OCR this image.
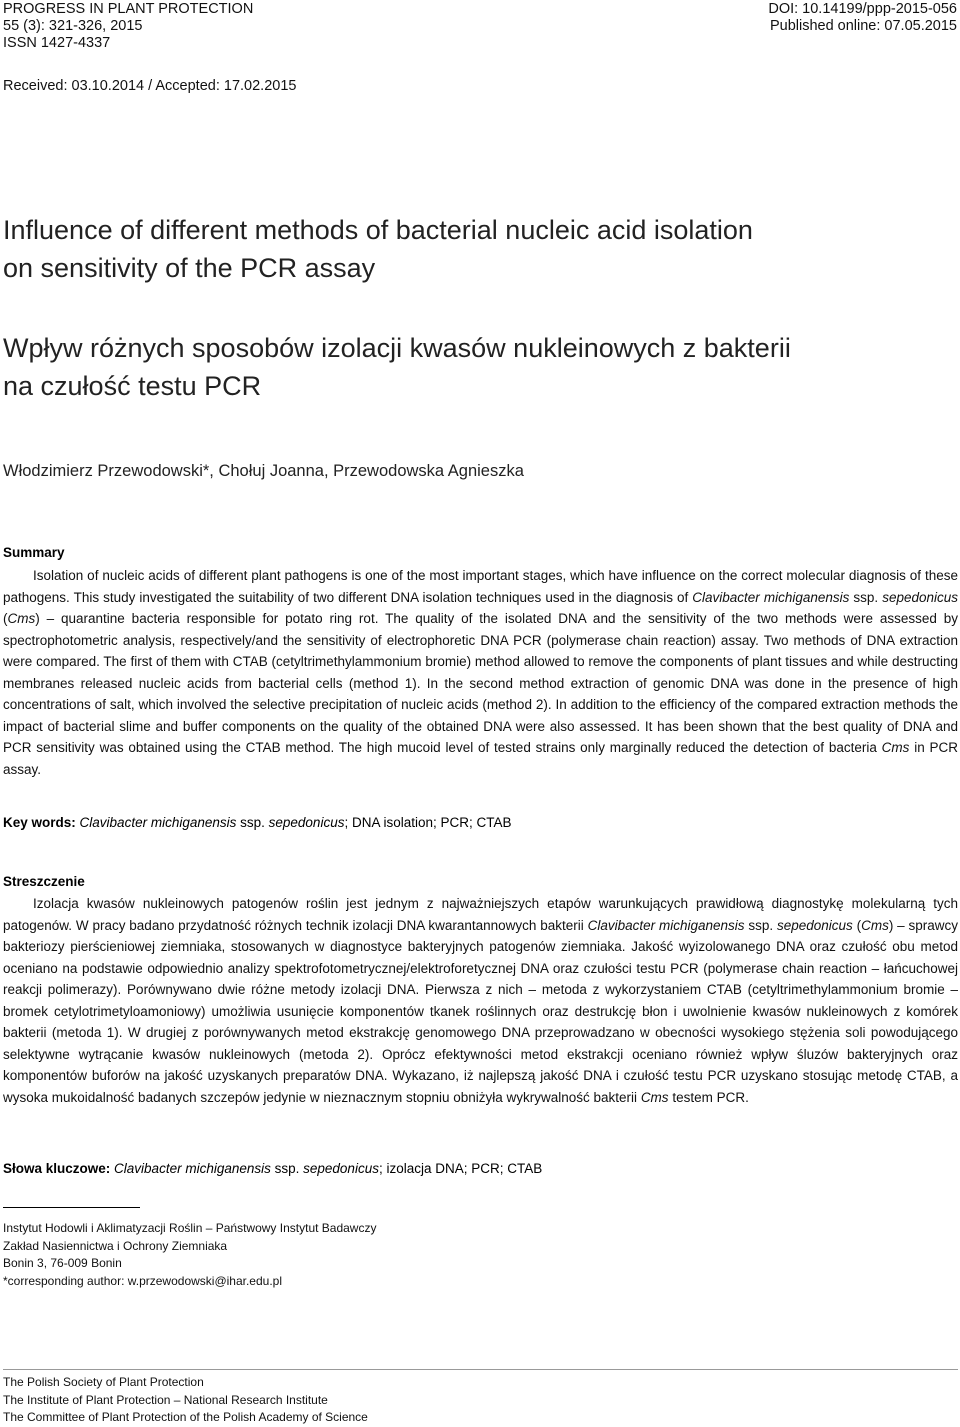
PROGRESS IN PLANT PROTECTION
55 (3): 321-326, 2015
ISSN 1427-4337
DOI: 10.14199/ppp-2015-056
Published online: 07.05.2015
Received: 03.10.2014 / Accepted: 17.02.2015
Influence of different methods of bacterial nucleic acid isolation
on sensitivity of the PCR assay
Wpływ różnych sposobów izolacji kwasów nukleinowych z bakterii
na czułość testu PCR
Włodzimierz Przewodowski*, Chołuj Joanna, Przewodowska Agnieszka
Summary
Isolation of nucleic acids of different plant pathogens is one of the most important stages, which have influence on the correct molecular diagnosis of these pathogens. This study investigated the suitability of two different DNA isolation techniques used in the diagnosis of Clavibacter michiganensis ssp. sepedonicus (Cms) – quarantine bacteria responsible for potato ring rot. The quality of the isolated DNA and the sensitivity of the two methods were assessed by spectrophotometric analysis, respectively/and the sensitivity of electrophoretic DNA PCR (polymerase chain reaction) assay. Two methods of DNA extraction were compared. The first of them with CTAB (cetyltrimethylammonium bromie) method allowed to remove the components of plant tissues and while destructing membranes released nucleic acids from bacterial cells (method 1). In the second method extraction of genomic DNA was done in the presence of high concentrations of salt, which involved the selective precipitation of nucleic acids (method 2). In addition to the efficiency of the compared extraction methods the impact of bacterial slime and buffer components on the quality of the obtained DNA were also assessed. It has been shown that the best quality of DNA and PCR sensitivity was obtained using the CTAB method. The high mucoid level of tested strains only marginally reduced the detection of bacteria Cms in PCR assay.
Key words: Clavibacter michiganensis ssp. sepedonicus; DNA isolation; PCR; CTAB
Streszczenie
Izolacja kwasów nukleinowych patogenów roślin jest jednym z najważniejszych etapów warunkujących prawidłową diagnostykę molekularną tych patogenów. W pracy badano przydatność różnych technik izolacji DNA kwarantannowych bakterii Clavibacter michiganensis ssp. sepedonicus (Cms) – sprawcy bakteriozy pierścieniowej ziemniaka, stosowanych w diagnostyce bakteryjnych patogenów ziemniaka. Jakość wyizolowanego DNA oraz czułość obu metod oceniano na podstawie odpowiednio analizy spektrofotometrycznej/elektroforetycznej DNA oraz czułości testu PCR (polymerase chain reaction – łańcuchowej reakcji polimerazy). Porównywano dwie różne metody izolacji DNA. Pierwsza z nich – metoda z wykorzystaniem CTAB (cetyltrimethylammonium bromie – bromek cetylotrimetyloamoniowy) umożliwia usunięcie komponentów tkanek roślinnych oraz destrukcję błon i uwolnienie kwasów nukleinowych z komórek bakterii (metoda 1). W drugiej z porównywanych metod ekstrakcję genomowego DNA przeprowadzano w obecności wysokiego stężenia soli powodującego selektywne wytrącanie kwasów nukleinowych (metoda 2). Oprócz efektywności metod ekstrakcji oceniano również wpływ śluzów bakteryjnych oraz komponentów buforów na jakość uzyskanych preparatów DNA. Wykazano, iż najlepszą jakość DNA i czułość testu PCR uzyskano stosując metodę CTAB, a wysoka mukoidalność badanych szczepów jedynie w nieznacznym stopniu obniżyła wykrywalność bakterii Cms testem PCR.
Słowa kluczowe: Clavibacter michiganensis ssp. sepedonicus; izolacja DNA; PCR; CTAB
Instytut Hodowli i Aklimatyzacji Roślin – Państwowy Instytut Badawczy
Zakład Nasiennictwa i Ochrony Ziemniaka
Bonin 3, 76-009 Bonin
*corresponding author: w.przewodowski@ihar.edu.pl
The Polish Society of Plant Protection
The Institute of Plant Protection – National Research Institute
The Committee of Plant Protection of the Polish Academy of Science
